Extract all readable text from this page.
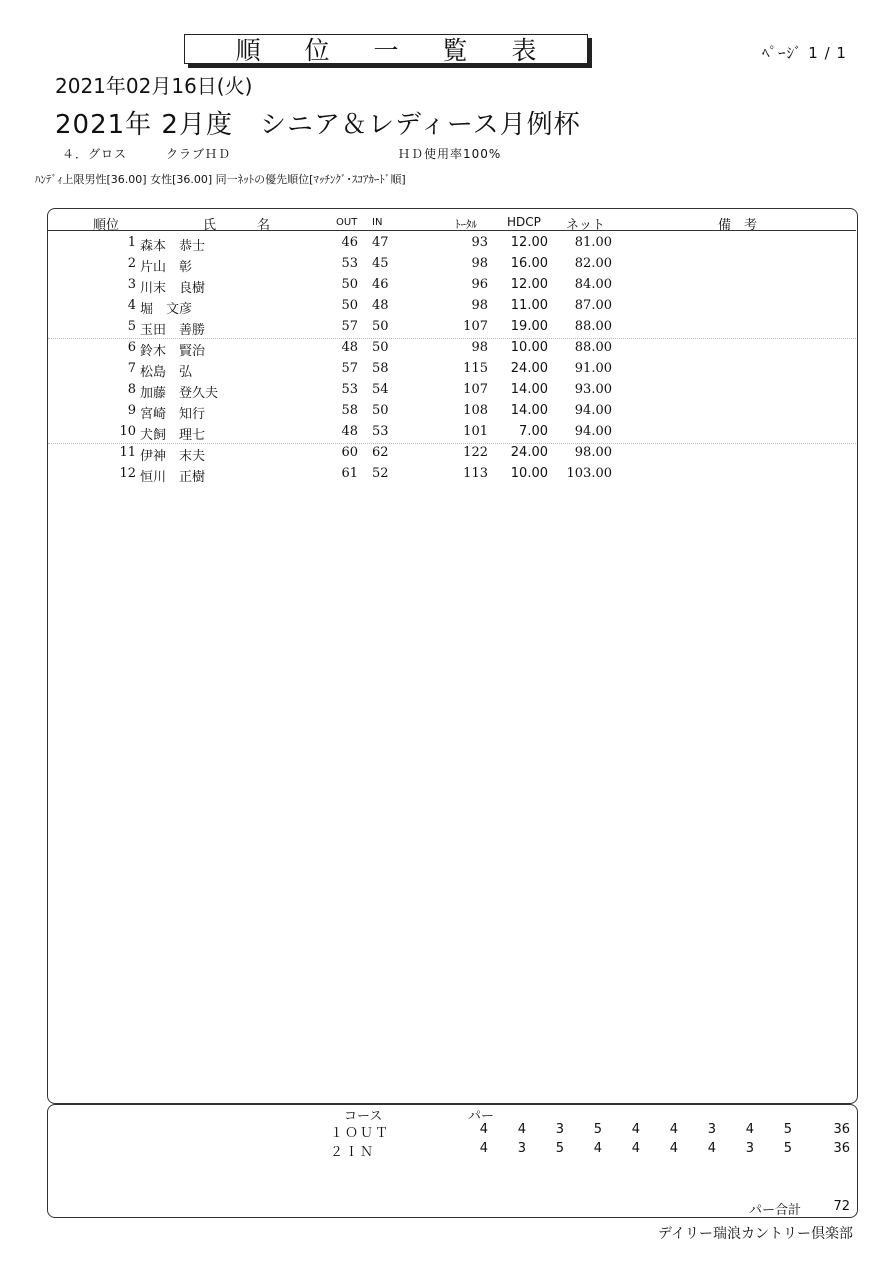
順 位 一 覧 表	ﾍﾟｰｼﾞ 1 / 1
2021年02月16日(火)
2021年 2月度　シニア＆レディース月例杯
４．グロス　　　クラブＨＤ	ＨＤ使用率100%
ﾊﾝﾃﾞｨ上限男性[36.00] 女性[36.00] 同一ﾈｯﾄの優先順位[ﾏｯﾁﾝｸﾞ･ｽｺｱｶｰﾄﾞ順]
順位	氏	名	OUT IN	ﾄｰﾀﾙ	HDCP ネット	備　考
1 森本　恭士	46 47	93	12.00	81.00
2 片山　彰	53 45	98	16.00	82.00
3 川末　良樹	50 46	96	12.00	84.00
4 堀　文彦	50 48	98	11.00	87.00
5 玉田　善勝	57 50	107	19.00	88.00
6 鈴木　賢治	48 50	98	10.00	88.00
7 松島　弘	57 58	115	24.00	91.00
8 加藤　登久夫	53 54	107	14.00	93.00
9 宮崎　知行	58 50	108	14.00	94.00
10 犬飼　理七	48 53	101	7.00	94.00
11 伊神　末夫	60 62	122	24.00	98.00
12 恒川　正樹	61 52	113	10.00	103.00
コース	パー
１ＯＵＴ	4	4	3	5	4	4	3	4	5	36
２ＩＮ	4	3	5	4	4	4	4	3	5	36
パー合計	72
デイリー瑞浪カントリー倶楽部
